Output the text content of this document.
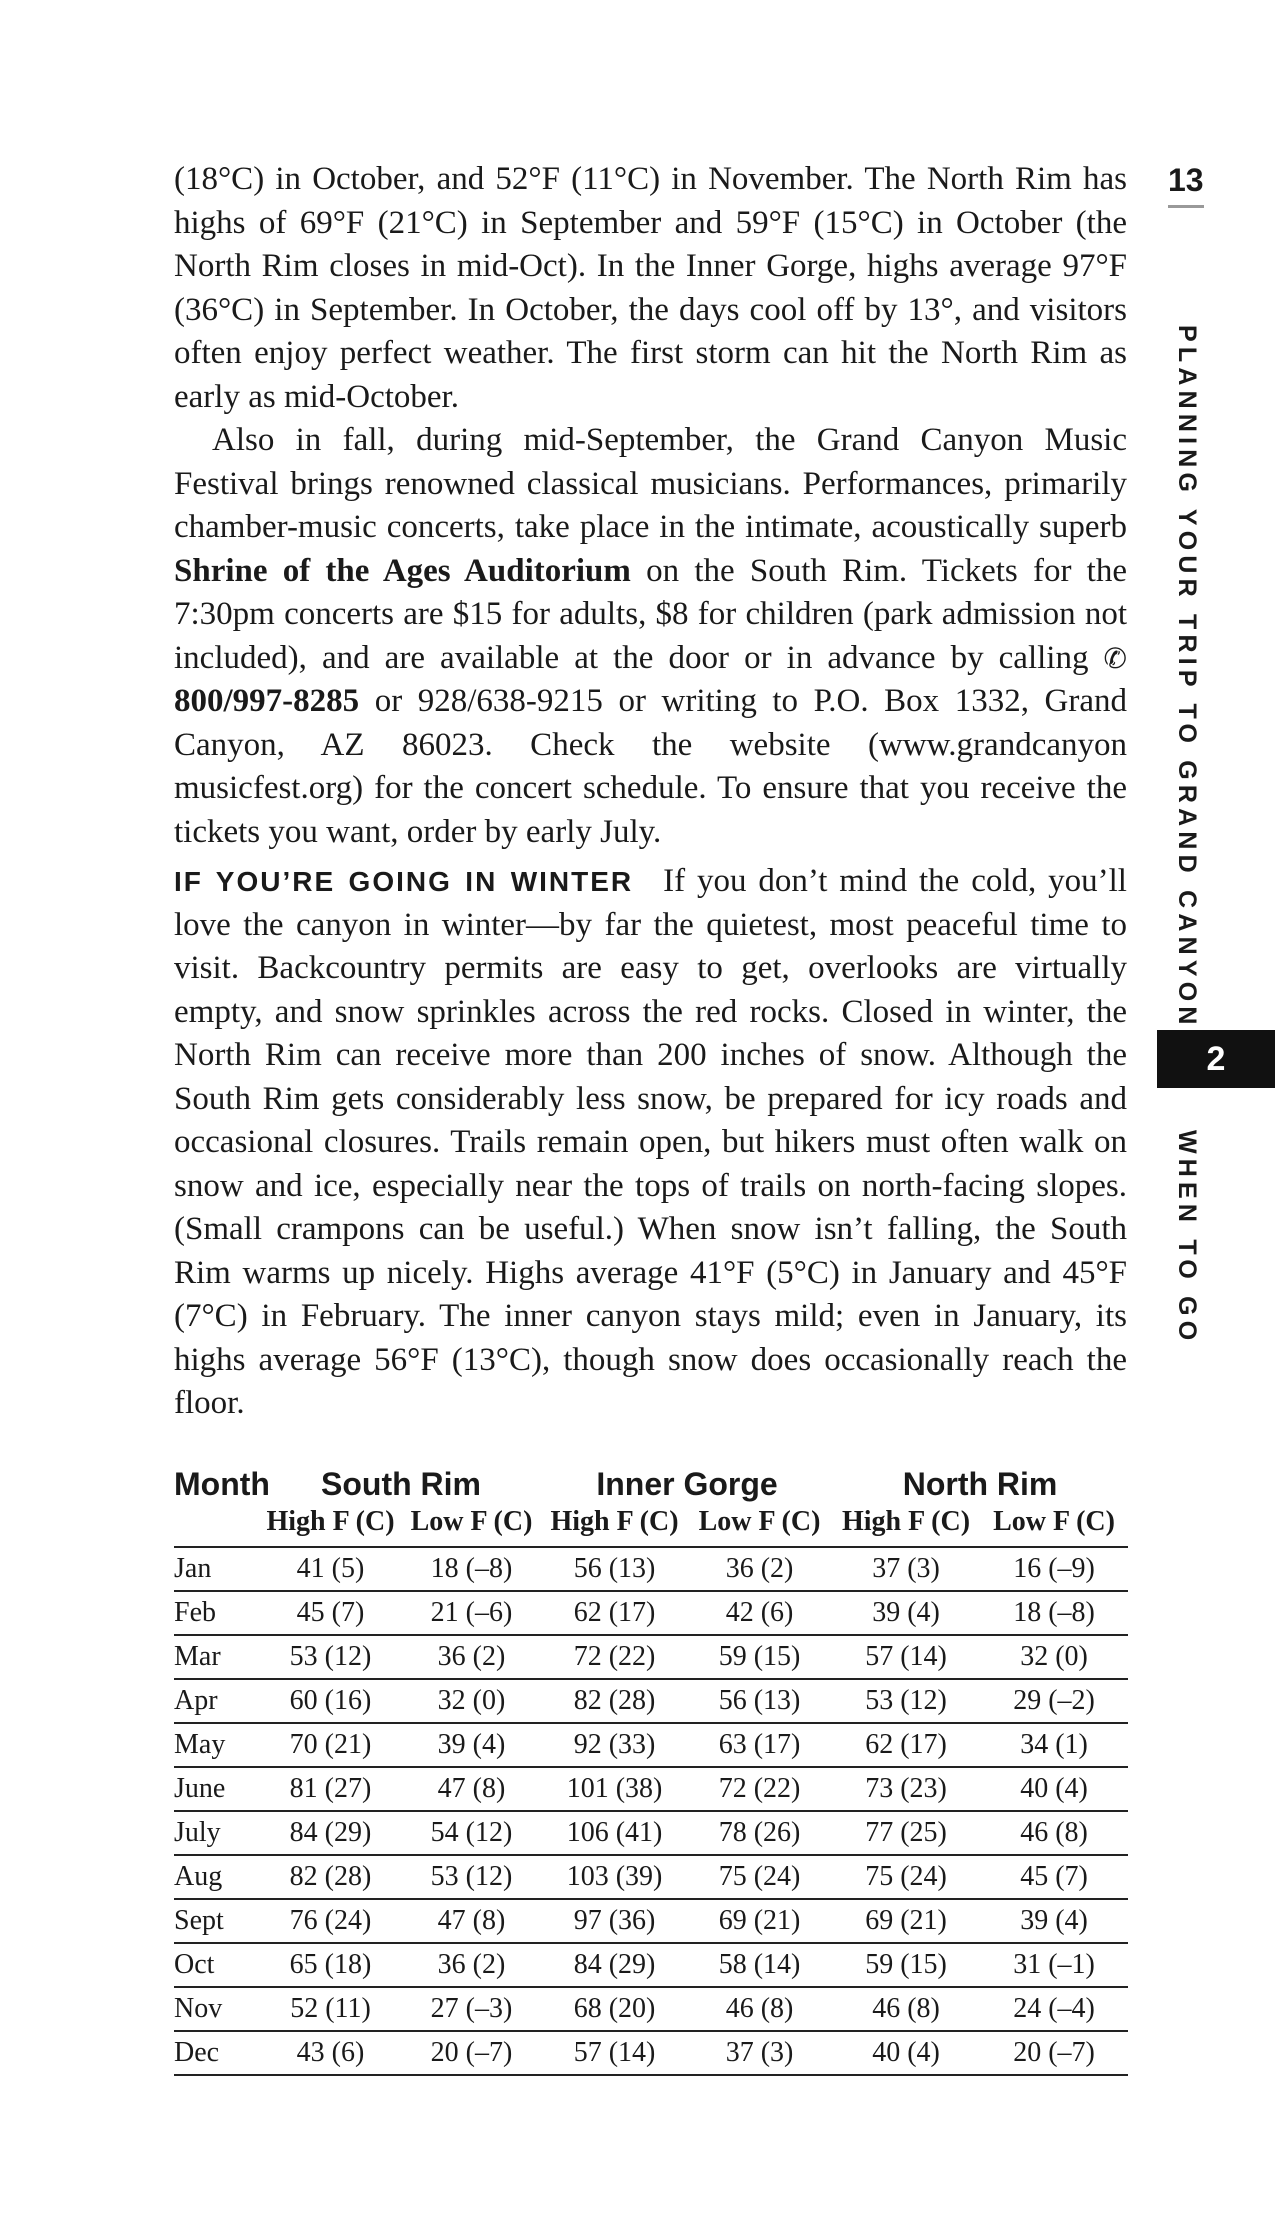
(18°C) in October, and 52°F (11°C) in November. The North Rim has highs of 69°F (21°C) in September and 59°F (15°C) in October (the North Rim closes in mid-Oct). In the Inner Gorge, highs average 97°F (36°C) in September. In October, the days cool off by 13°, and visitors often enjoy perfect weather. The first storm can hit the North Rim as early as mid-October.

Also in fall, during mid-September, the Grand Canyon Music Festival brings renowned classical musicians. Performances, primarily chamber-music concerts, take place in the intimate, acoustically superb Shrine of the Ages Auditorium on the South Rim. Tickets for the 7:30pm concerts are $15 for adults, $8 for children (park admission not included), and are available at the door or in advance by calling ✆ 800/997-8285 or 928/638-9215 or writing to P.O. Box 1332, Grand Canyon, AZ 86023. Check the website (www.grandcanyon musicfest.org) for the concert schedule. To ensure that you receive the tickets you want, order by early July.

IF YOU’RE GOING IN WINTER If you don’t mind the cold, you’ll love the canyon in winter—by far the quietest, most peaceful time to visit. Backcountry permits are easy to get, overlooks are virtually empty, and snow sprinkles across the red rocks. Closed in winter, the North Rim can receive more than 200 inches of snow. Although the South Rim gets considerably less snow, be prepared for icy roads and occasional closures. Trails remain open, but hikers must often walk on snow and ice, especially near the tops of trails on north-facing slopes. (Small crampons can be useful.) When snow isn’t falling, the South Rim warms up nicely. Highs average 41°F (5°C) in January and 45°F (7°C) in February. The inner canyon stays mild; even in January, its highs average 56°F (13°C), though snow does occasionally reach the floor.

13
PLANNING YOUR TRIP TO GRAND CANYON
2
WHEN TO GO
Month	South Rim		Inner Gorge		North Rim	
	High F (C)	Low F (C)	High F (C)	Low F (C)	High F (C)	Low F (C)
Jan	41 (5)	18 (–8)	56 (13)	36 (2)	37 (3)	16 (–9)
Feb	45 (7)	21 (–6)	62 (17)	42 (6)	39 (4)	18 (–8)
Mar	53 (12)	36 (2)	72 (22)	59 (15)	57 (14)	32 (0)
Apr	60 (16)	32 (0)	82 (28)	56 (13)	53 (12)	29 (–2)
May	70 (21)	39 (4)	92 (33)	63 (17)	62 (17)	34 (1)
June	81 (27)	47 (8)	101 (38)	72 (22)	73 (23)	40 (4)
July	84 (29)	54 (12)	106 (41)	78 (26)	77 (25)	46 (8)
Aug	82 (28)	53 (12)	103 (39)	75 (24)	75 (24)	45 (7)
Sept	76 (24)	47 (8)	97 (36)	69 (21)	69 (21)	39 (4)
Oct	65 (18)	36 (2)	84 (29)	58 (14)	59 (15)	31 (–1)
Nov	52 (11)	27 (–3)	68 (20)	46 (8)	46 (8)	24 (–4)
Dec	43 (6)	20 (–7)	57 (14)	37 (3)	40 (4)	20 (–7)
